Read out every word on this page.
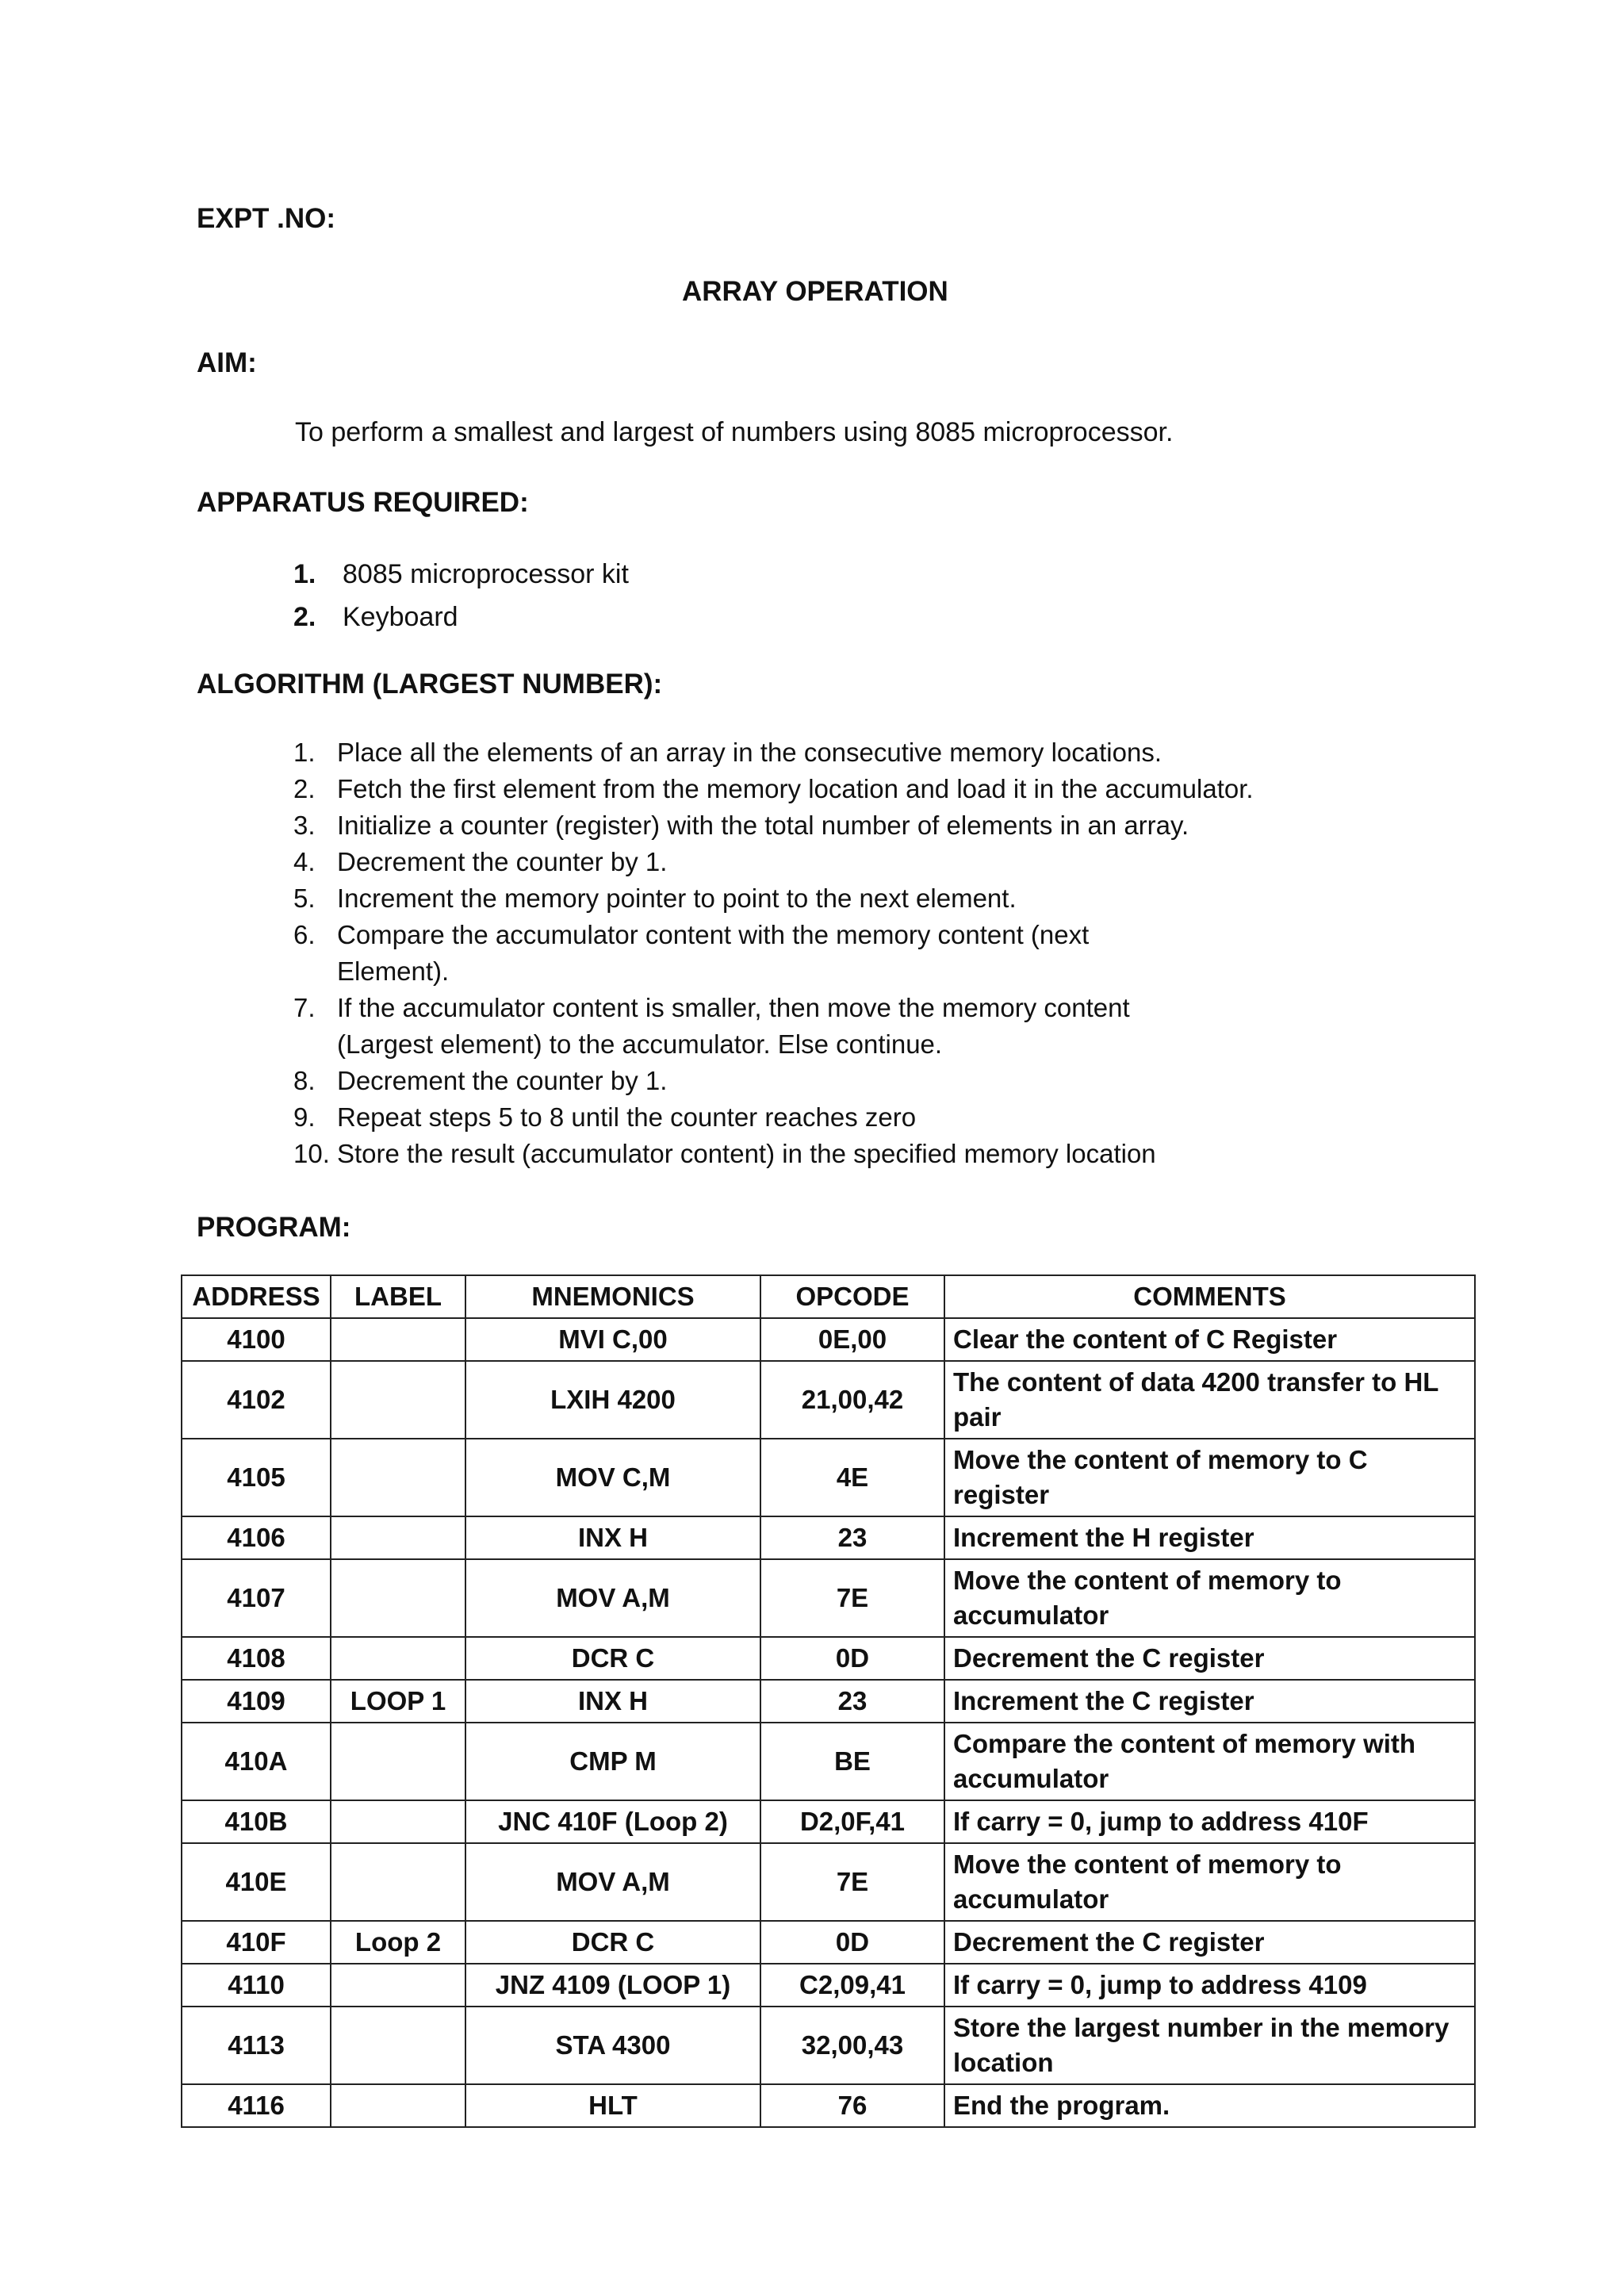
EXPT .NO:
ARRAY OPERATION
AIM:
To perform a smallest and largest of numbers using 8085 microprocessor.
APPARATUS REQUIRED:
1. 8085 microprocessor kit
2. Keyboard
ALGORITHM (LARGEST NUMBER):
1. Place all the elements of an array in the consecutive memory locations.
2. Fetch the first element from the memory location and load it in the accumulator.
3. Initialize a counter (register) with the total number of elements in an array.
4. Decrement the counter by 1.
5. Increment the memory pointer to point to the next element.
6. Compare the accumulator content with the memory content (next
Element).
7. If the accumulator content is smaller, then move the memory content
(Largest element) to the accumulator. Else continue.
8. Decrement the counter by 1.
9. Repeat steps 5 to 8 until the counter reaches zero
10. Store the result (accumulator content) in the specified memory location
PROGRAM:
ADDRESS	LABEL	MNEMONICS	OPCODE	COMMENTS
4100		MVI C,00	0E,00	Clear the content of C Register
4102		LXIH 4200	21,00,42	The content of data 4200 transfer to HL pair
4105		MOV C,M	4E	Move the content of memory to C register
4106		INX H	23	Increment the H register
4107		MOV A,M	7E	Move the content of memory to accumulator
4108		DCR C	0D	Decrement the C register
4109	LOOP 1	INX H	23	Increment the C register
410A		CMP M	BE	Compare the content of memory with accumulator
410B		JNC 410F (Loop 2)	D2,0F,41	If carry = 0, jump to address 410F
410E		MOV A,M	7E	Move the content of memory to accumulator
410F	Loop 2	DCR C	0D	Decrement the C register
4110		JNZ 4109 (LOOP 1)	C2,09,41	If carry = 0, jump to address 4109
4113		STA 4300	32,00,43	Store the largest number in the memory location
4116		HLT	76	End the program.
